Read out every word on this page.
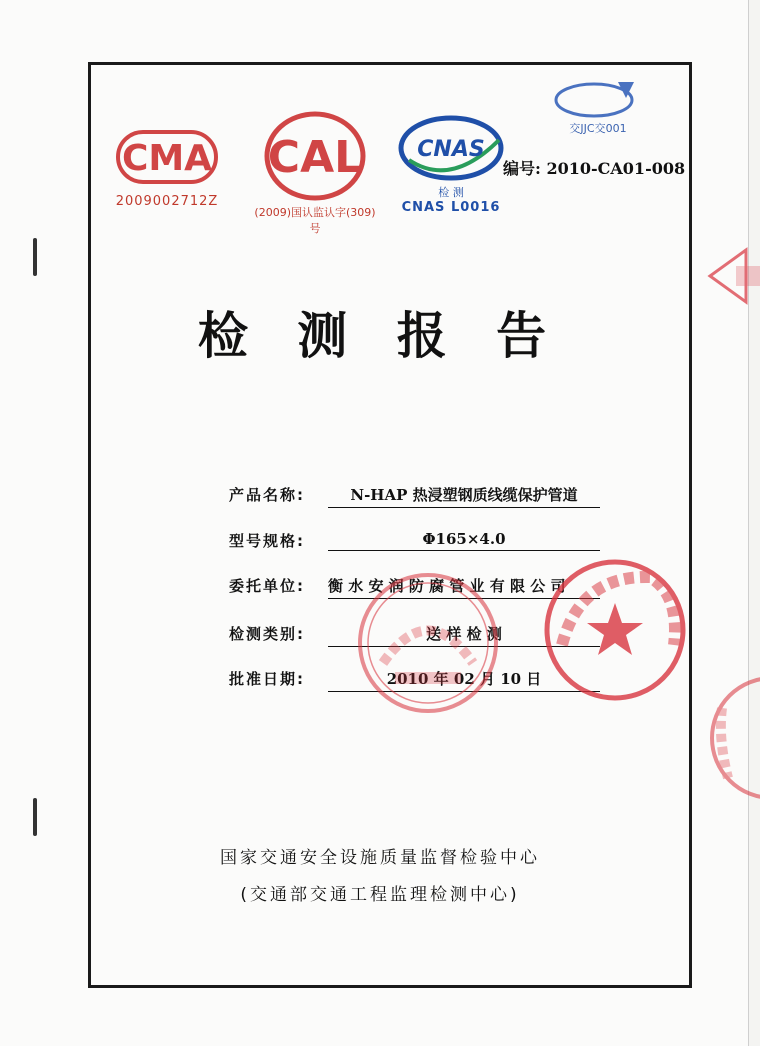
CMA
2009002712Z
CAL
(2009)国认监认字(309)号
CNAS
检 测
CNAS L0016
交JJC交001
编号: 2010-CA01-008
检 测 报 告
产品名称:	N-HAP 热浸塑钢质线缆保护管道
型号规格:	Φ165×4.0
委托单位: 衡 水 安 润 防 腐 管 业 有 限 公 司
检测类别:	送 样 检 测
批准日期:	2010 年 02 月 10 日
国家交通安全设施质量监督检验中心
(交通部交通工程监理检测中心)
